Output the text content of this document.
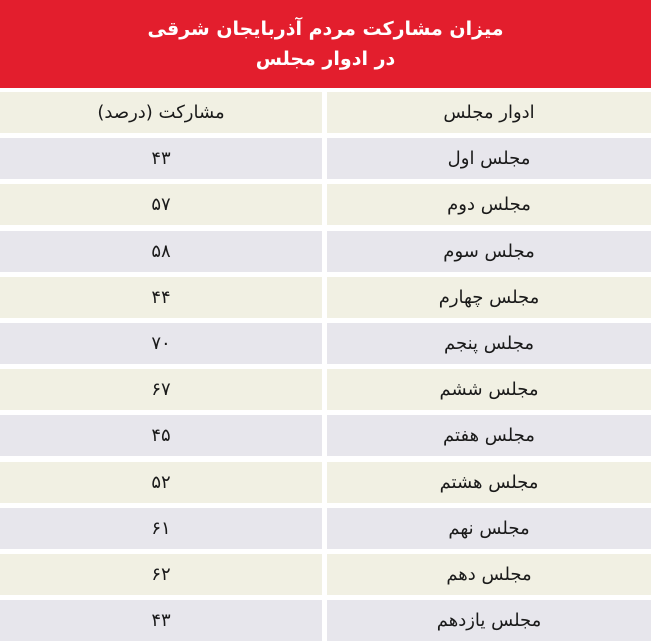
میزان مشارکت مردم آذربایجان شرقی
در ادوار مجلس
ادوار مجلس
مشارکت (درصد)
مجلس اول
۴۳
مجلس دوم
۵۷
مجلس سوم
۵۸
مجلس چهارم
۴۴
مجلس پنجم
۷۰
مجلس ششم
۶۷
مجلس هفتم
۴۵
مجلس هشتم
۵۲
مجلس نهم
۶۱
مجلس دهم
۶۲
مجلس یازدهم
۴۳
